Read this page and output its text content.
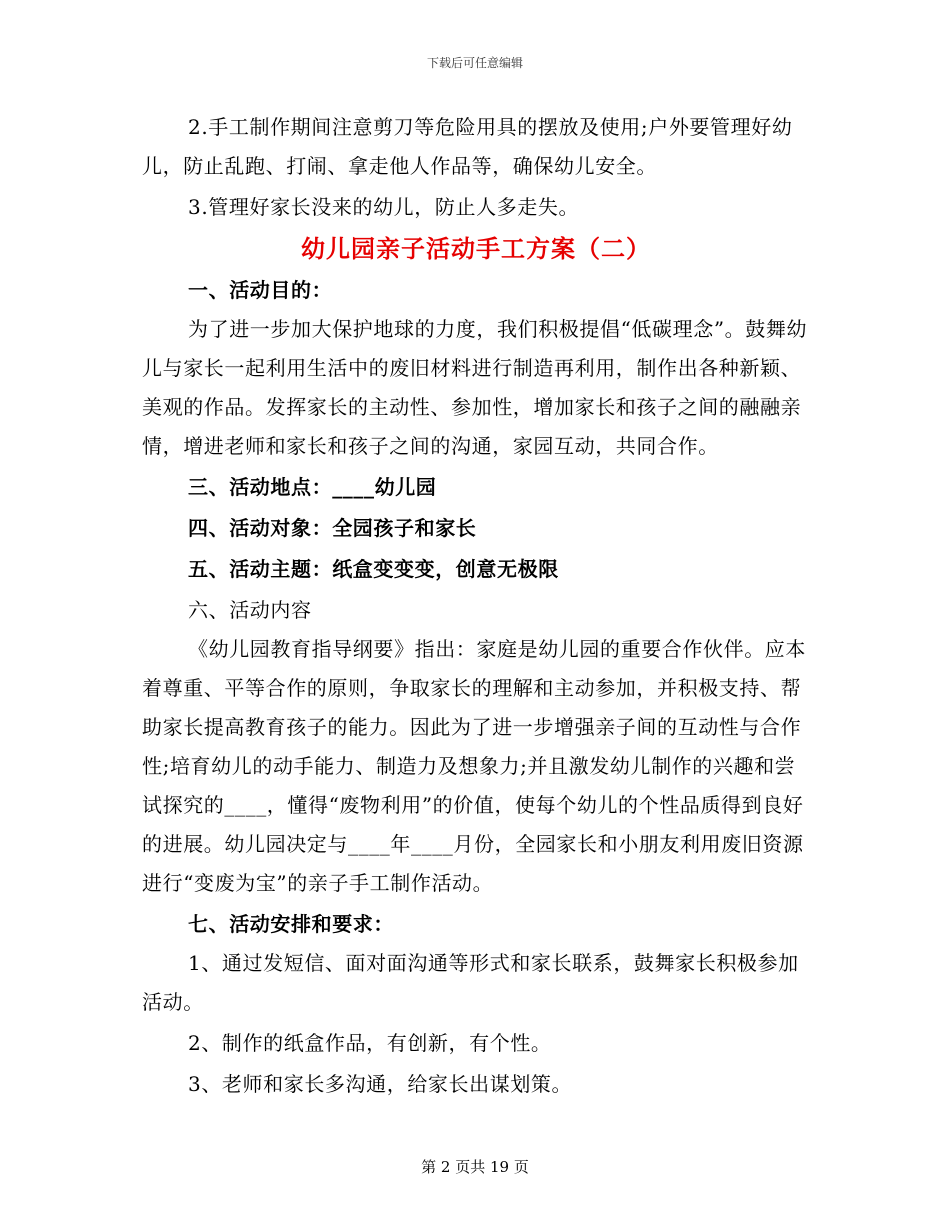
下载后可任意编辑

2.手工制作期间注意剪刀等危险用具的摆放及使用;户外要管理好幼儿，防止乱跑、打闹、拿走他人作品等，确保幼儿安全。

3.管理好家长没来的幼儿，防止人多走失。

幼儿园亲子活动手工方案（二）

一、活动目的：

为了进一步加大保护地球的力度，我们积极提倡“低碳理念”。鼓舞幼儿与家长一起利用生活中的废旧材料进行制造再利用，制作出各种新颖、美观的作品。发挥家长的主动性、参加性，增加家长和孩子之间的融融亲情，增进老师和家长和孩子之间的沟通，家园互动，共同合作。

三、活动地点：____幼儿园

四、活动对象：全园孩子和家长

五、活动主题：纸盒变变变，创意无极限

六、活动内容

《幼儿园教育指导纲要》指出：家庭是幼儿园的重要合作伙伴。应本着尊重、平等合作的原则，争取家长的理解和主动参加，并积极支持、帮助家长提高教育孩子的能力。因此为了进一步增强亲子间的互动性与合作性;培育幼儿的动手能力、制造力及想象力;并且激发幼儿制作的兴趣和尝试探究的____，懂得“废物利用”的价值，使每个幼儿的个性品质得到良好的进展。幼儿园决定与____年____月份，全园家长和小朋友利用废旧资源进行“变废为宝”的亲子手工制作活动。

七、活动安排和要求：

1、通过发短信、面对面沟通等形式和家长联系，鼓舞家长积极参加活动。

2、制作的纸盒作品，有创新，有个性。

3、老师和家长多沟通，给家长出谋划策。

第 2 页共 19 页
